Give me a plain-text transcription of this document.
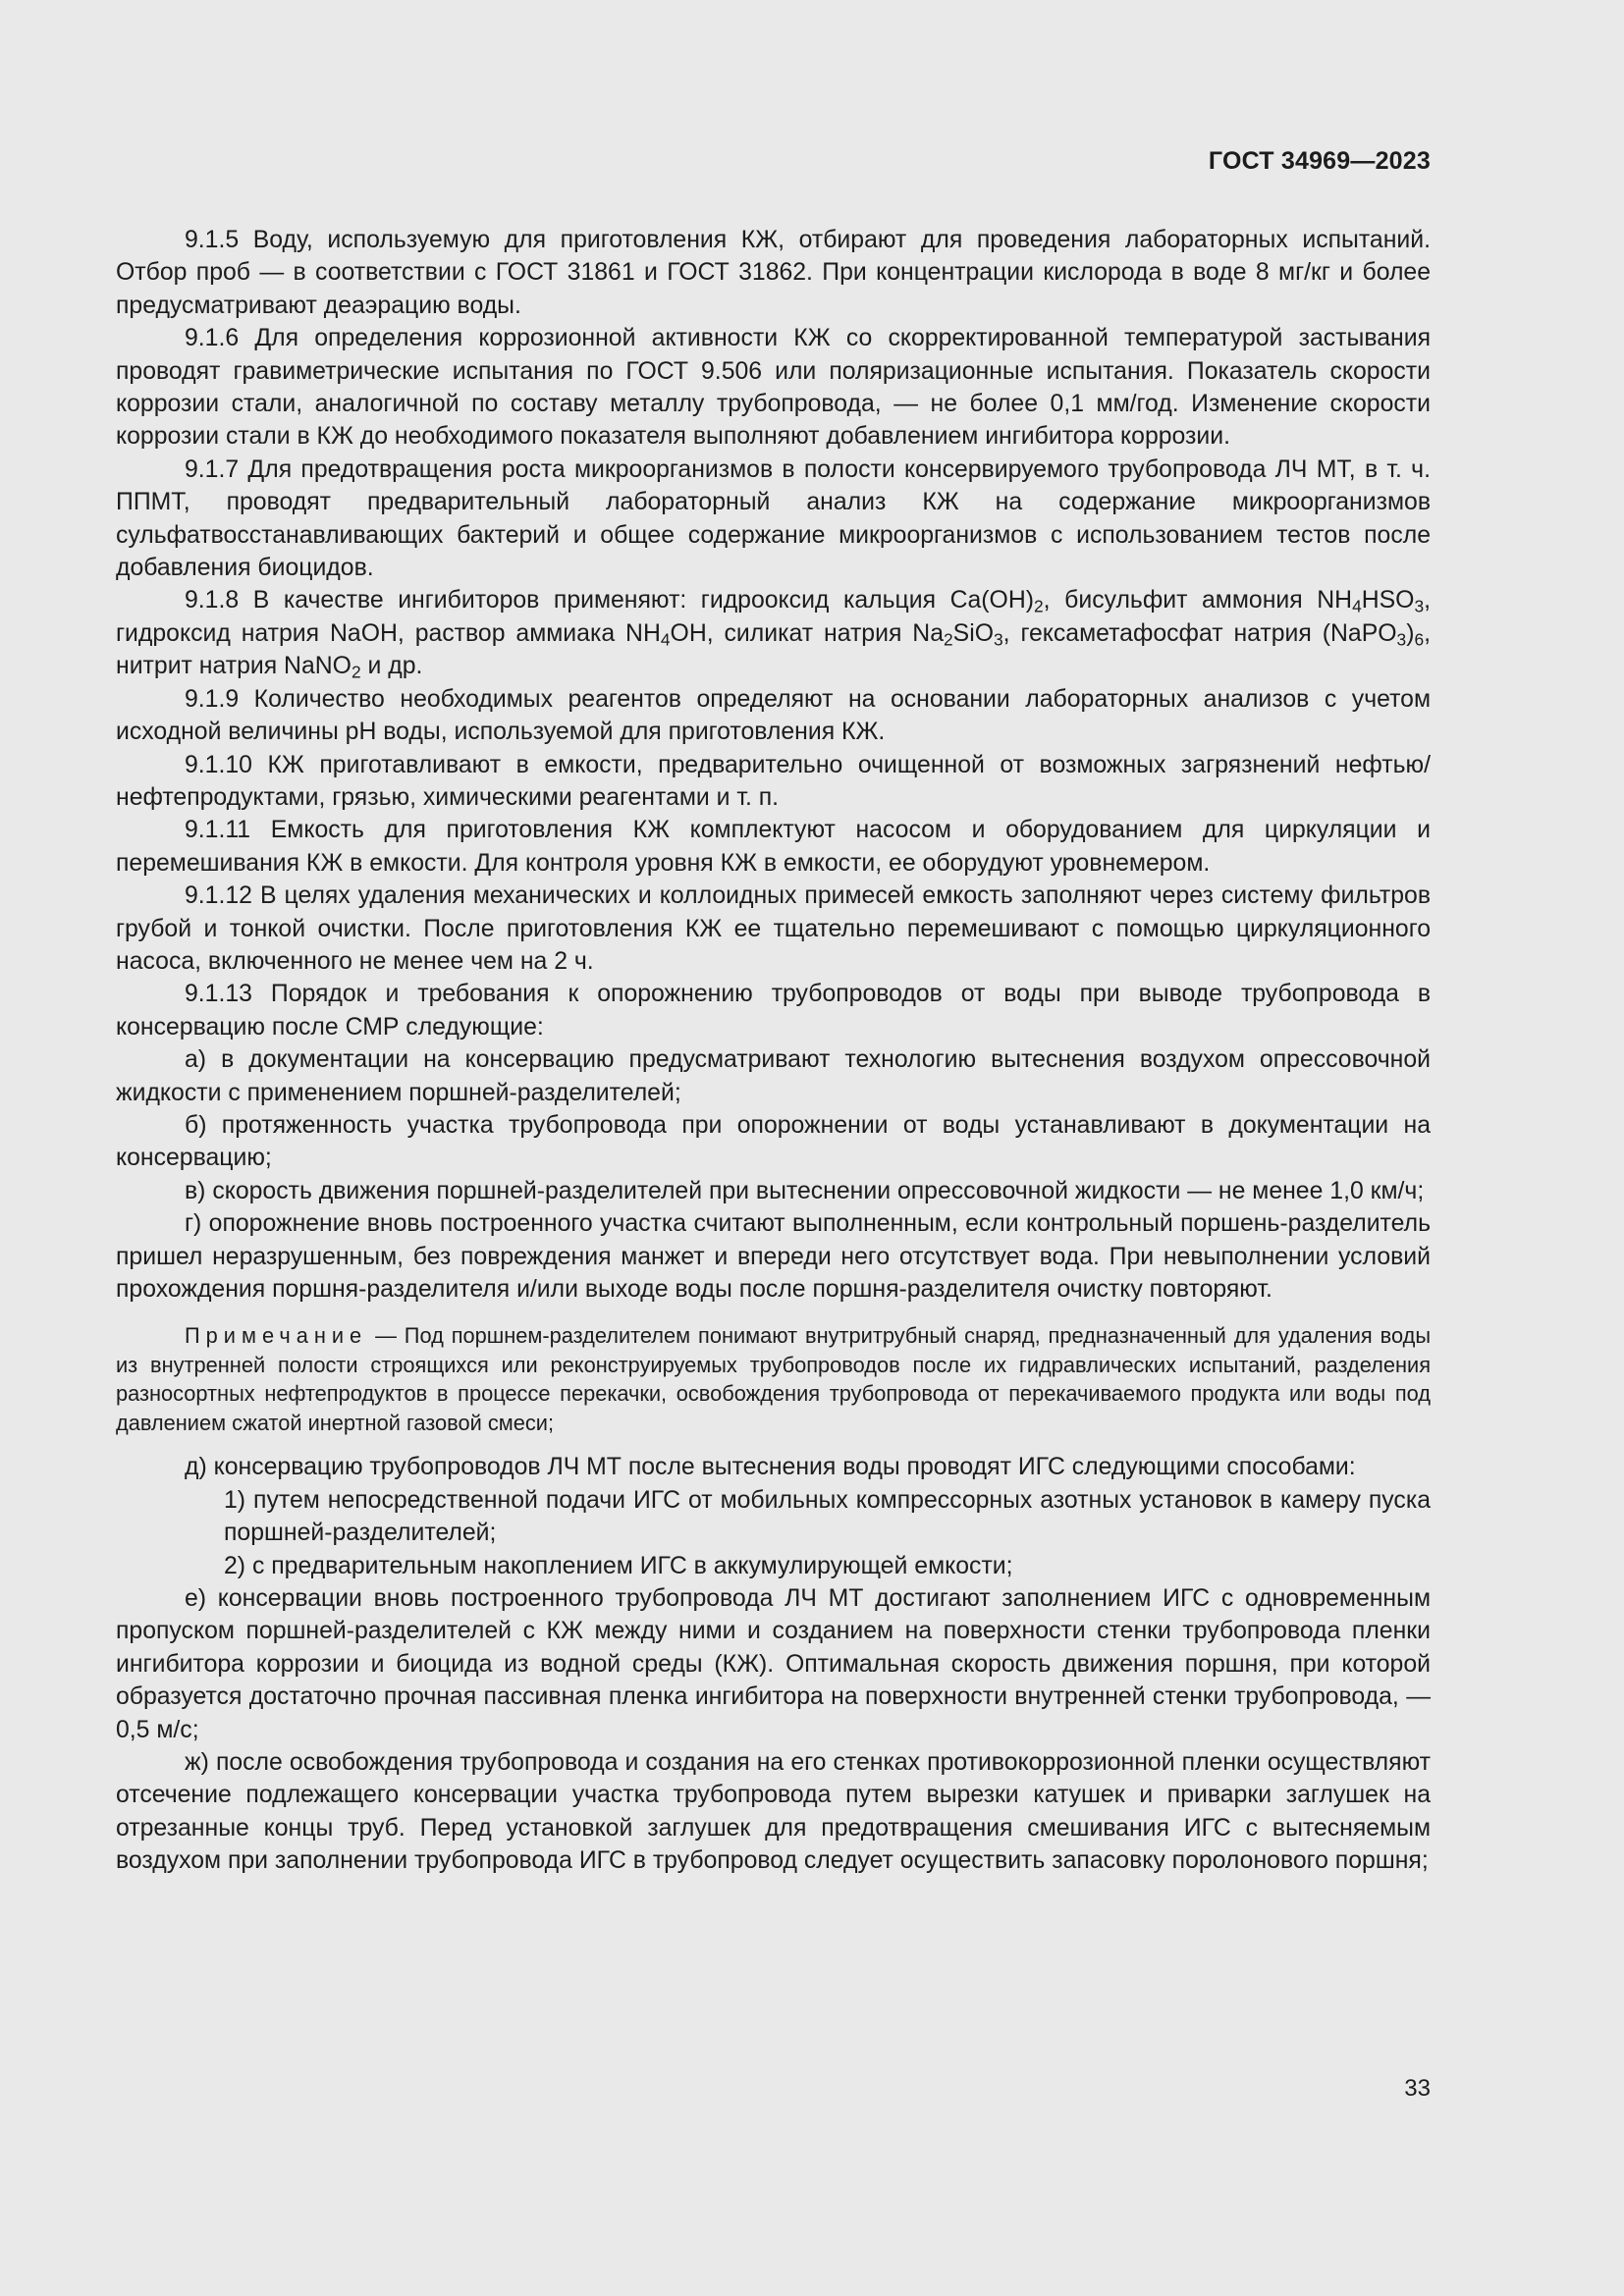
ГОСТ 34969—2023

9.1.5 Воду, используемую для приготовления КЖ, отбирают для проведения лабораторных испытаний. Отбор проб — в соответствии с ГОСТ 31861 и ГОСТ 31862. При концентрации кислорода в воде 8 мг/кг и более предусматривают деаэрацию воды.

9.1.6 Для определения коррозионной активности КЖ со скорректированной температурой застывания проводят гравиметрические испытания по ГОСТ 9.506 или поляризационные испытания. Показатель скорости коррозии стали, аналогичной по составу металлу трубопровода, — не более 0,1 мм/год. Изменение скорости коррозии стали в КЖ до необходимого показателя выполняют добавлением ингибитора коррозии.

9.1.7 Для предотвращения роста микроорганизмов в полости консервируемого трубопровода ЛЧ МТ, в т. ч. ППМТ, проводят предварительный лабораторный анализ КЖ на содержание микроорганизмов сульфатвосстанавливающих бактерий и общее содержание микроорганизмов с использованием тестов после добавления биоцидов.

9.1.8 В качестве ингибиторов применяют: гидрооксид кальция $Ca(OH)_2$, бисульфит аммония $NH_4HSO_3$, гидроксид натрия NaOH, раствор аммиака $NH_4OH$, силикат натрия $Na_2SiO_3$, гексаметафосфат натрия $(NaPO_3)_6$, нитрит натрия NaNO$_2$ и др.

9.1.9 Количество необходимых реагентов определяют на основании лабораторных анализов с учетом исходной величины pH воды, используемой для приготовления КЖ.

9.1.10 КЖ приготавливают в емкости, предварительно очищенной от возможных загрязнений нефтью/нефтепродуктами, грязью, химическими реагентами и т. п.

9.1.11 Емкость для приготовления КЖ комплектуют насосом и оборудованием для циркуляции и перемешивания КЖ в емкости. Для контроля уровня КЖ в емкости, ее оборудуют уровнемером.

9.1.12 В целях удаления механических и коллоидных примесей емкость заполняют через систему фильтров грубой и тонкой очистки. После приготовления КЖ ее тщательно перемешивают с помощью циркуляционного насоса, включенного не менее чем на 2 ч.

9.1.13 Порядок и требования к опорожнению трубопроводов от воды при выводе трубопровода в консервацию после СМР следующие:

а) в документации на консервацию предусматривают технологию вытеснения воздухом опрессовочной жидкости с применением поршней-разделителей;

б) протяженность участка трубопровода при опорожнении от воды устанавливают в документации на консервацию;

в) скорость движения поршней-разделителей при вытеснении опрессовочной жидкости — не менее 1,0 км/ч;

г) опорожнение вновь построенного участка считают выполненным, если контрольный поршень-разделитель пришел неразрушенным, без повреждения манжет и впереди него отсутствует вода. При невыполнении условий прохождения поршня-разделителя и/или выходе воды после поршня-разделителя очистку повторяют.

Примечание — Под поршнем-разделителем понимают внутритрубный снаряд, предназначенный для удаления воды из внутренней полости строящихся или реконструируемых трубопроводов после их гидравлических испытаний, разделения разносортных нефтепродуктов в процессе перекачки, освобождения трубопровода от перекачиваемого продукта или воды под давлением сжатой инертной газовой смеси;

д) консервацию трубопроводов ЛЧ МТ после вытеснения воды проводят ИГС следующими способами:

1) путем непосредственной подачи ИГС от мобильных компрессорных азотных установок в камеру пуска поршней-разделителей;

2) с предварительным накоплением ИГС в аккумулирующей емкости;

е) консервации вновь построенного трубопровода ЛЧ МТ достигают заполнением ИГС с одновременным пропуском поршней-разделителей с КЖ между ними и созданием на поверхности стенки трубопровода пленки ингибитора коррозии и биоцида из водной среды (КЖ). Оптимальная скорость движения поршня, при которой образуется достаточно прочная пассивная пленка ингибитора на поверхности внутренней стенки трубопровода, — 0,5 м/с;

ж) после освобождения трубопровода и создания на его стенках противокоррозионной пленки осуществляют отсечение подлежащего консервации участка трубопровода путем вырезки катушек и приварки заглушек на отрезанные концы труб. Перед установкой заглушек для предотвращения смешивания ИГС с вытесняемым воздухом при заполнении трубопровода ИГС в трубопровод следует осуществить запасовку поролонового поршня;

33
